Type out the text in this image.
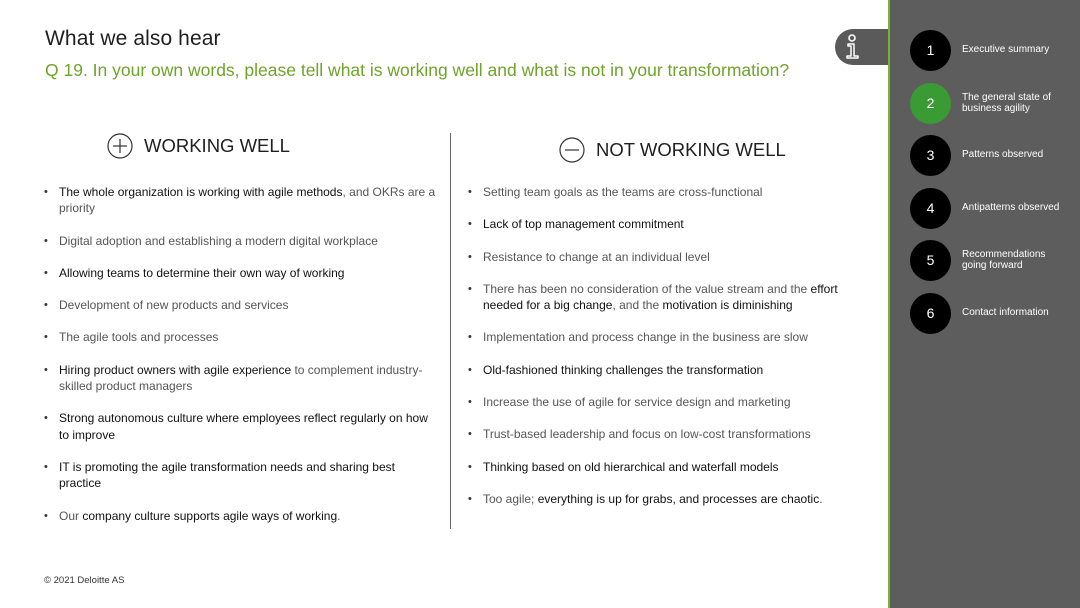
What we also hear
Q 19. In your own words, please tell what is working well and what is not in your transformation?
WORKING WELL	NOT WORKING WELL
• The whole organization is working with agile methods, and OKRs are a priority
• Digital adoption and establishing a modern digital workplace
• Allowing teams to determine their own way of working
• Development of new products and services
• The agile tools and processes
• Hiring product owners with agile experience to complement industry-skilled product managers
• Strong autonomous culture where employees reflect regularly on how to improve
• IT is promoting the agile transformation needs and sharing best practice
• Our company culture supports agile ways of working.
• Setting team goals as the teams are cross-functional
• Lack of top management commitment
• Resistance to change at an individual level
• There has been no consideration of the value stream and the effort needed for a big change, and the motivation is diminishing
• Implementation and process change in the business are slow
• Old-fashioned thinking challenges the transformation
• Increase the use of agile for service design and marketing
• Trust-based leadership and focus on low-cost transformations
• Thinking based on old hierarchical and waterfall models
• Too agile; everything is up for grabs, and processes are chaotic.
© 2021 Deloitte AS
1	Executive summary
2	The general state of business agility
3	Patterns observed
4	Antipatterns observed
5	Recommendations going forward
6	Contact information
